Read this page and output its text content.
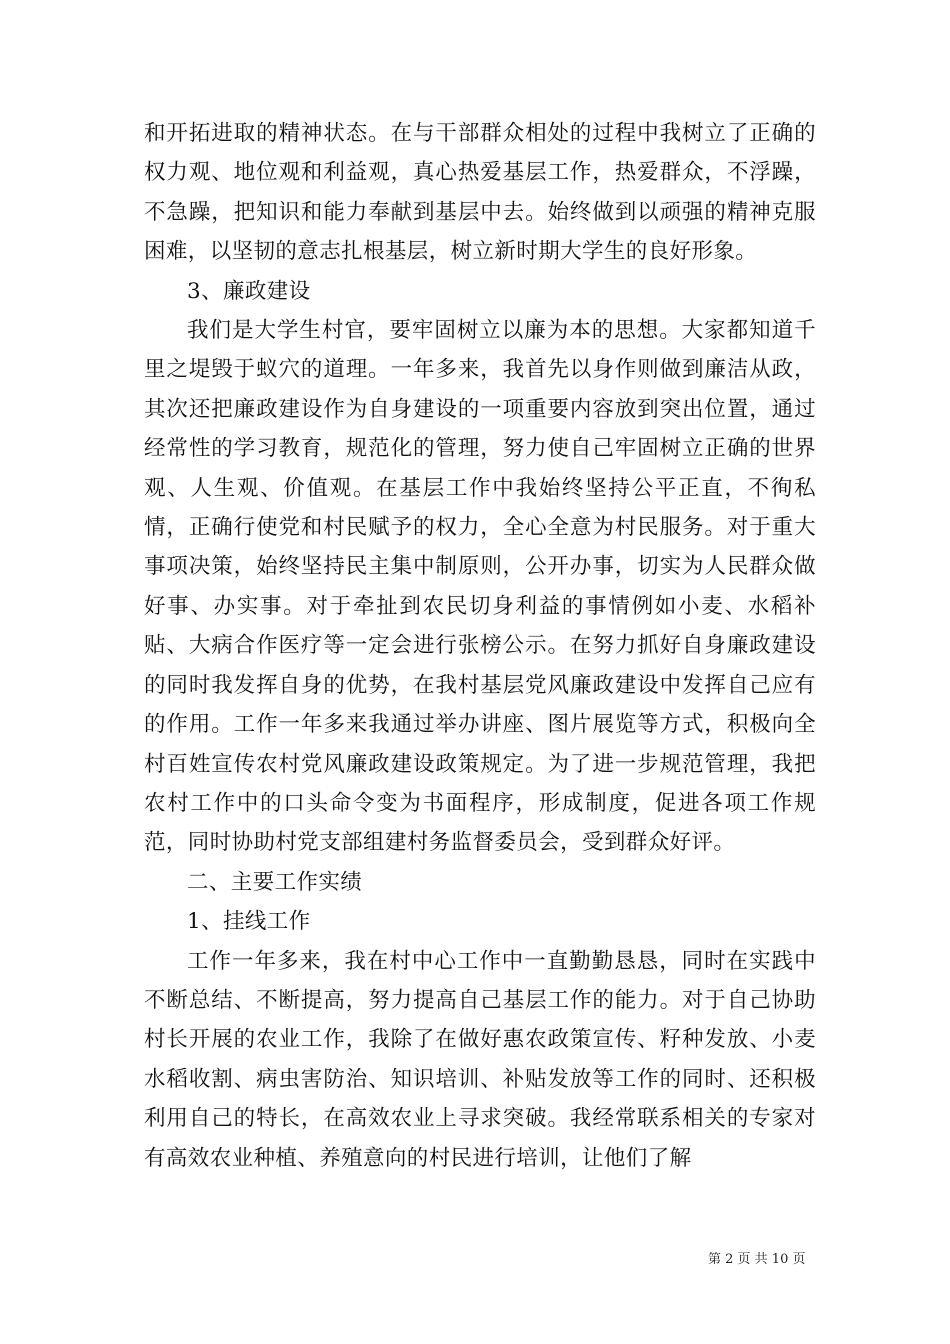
和开拓进取的精神状态。在与干部群众相处的过程中我树立了正确的权力观、地位观和利益观，真心热爱基层工作，热爱群众，不浮躁，不急躁，把知识和能力奉献到基层中去。始终做到以顽强的精神克服困难，以坚韧的意志扎根基层，树立新时期大学生的良好形象。

3、廉政建设

我们是大学生村官，要牢固树立以廉为本的思想。大家都知道千里之堤毁于蚁穴的道理。一年多来，我首先以身作则做到廉洁从政，其次还把廉政建设作为自身建设的一项重要内容放到突出位置，通过经常性的学习教育，规范化的管理，努力使自己牢固树立正确的世界观、人生观、价值观。在基层工作中我始终坚持公平正直，不徇私情，正确行使党和村民赋予的权力，全心全意为村民服务。对于重大事项决策，始终坚持民主集中制原则，公开办事，切实为人民群众做好事、办实事。对于牵扯到农民切身利益的事情例如小麦、水稻补贴、大病合作医疗等一定会进行张榜公示。在努力抓好自身廉政建设的同时我发挥自身的优势，在我村基层党风廉政建设中发挥自己应有的作用。工作一年多来我通过举办讲座、图片展览等方式，积极向全村百姓宣传农村党风廉政建设政策规定。为了进一步规范管理，我把农村工作中的口头命令变为书面程序，形成制度，促进各项工作规范，同时协助村党支部组建村务监督委员会，受到群众好评。

二、主要工作实绩

1、挂线工作

工作一年多来，我在村中心工作中一直勤勤恳恳，同时在实践中不断总结、不断提高，努力提高自己基层工作的能力。对于自己协助村长开展的农业工作，我除了在做好惠农政策宣传、籽种发放、小麦水稻收割、病虫害防治、知识培训、补贴发放等工作的同时、还积极利用自己的特长，在高效农业上寻求突破。我经常联系相关的专家对有高效农业种植、养殖意向的村民进行培训，让他们了解

第 2 页 共 10 页
